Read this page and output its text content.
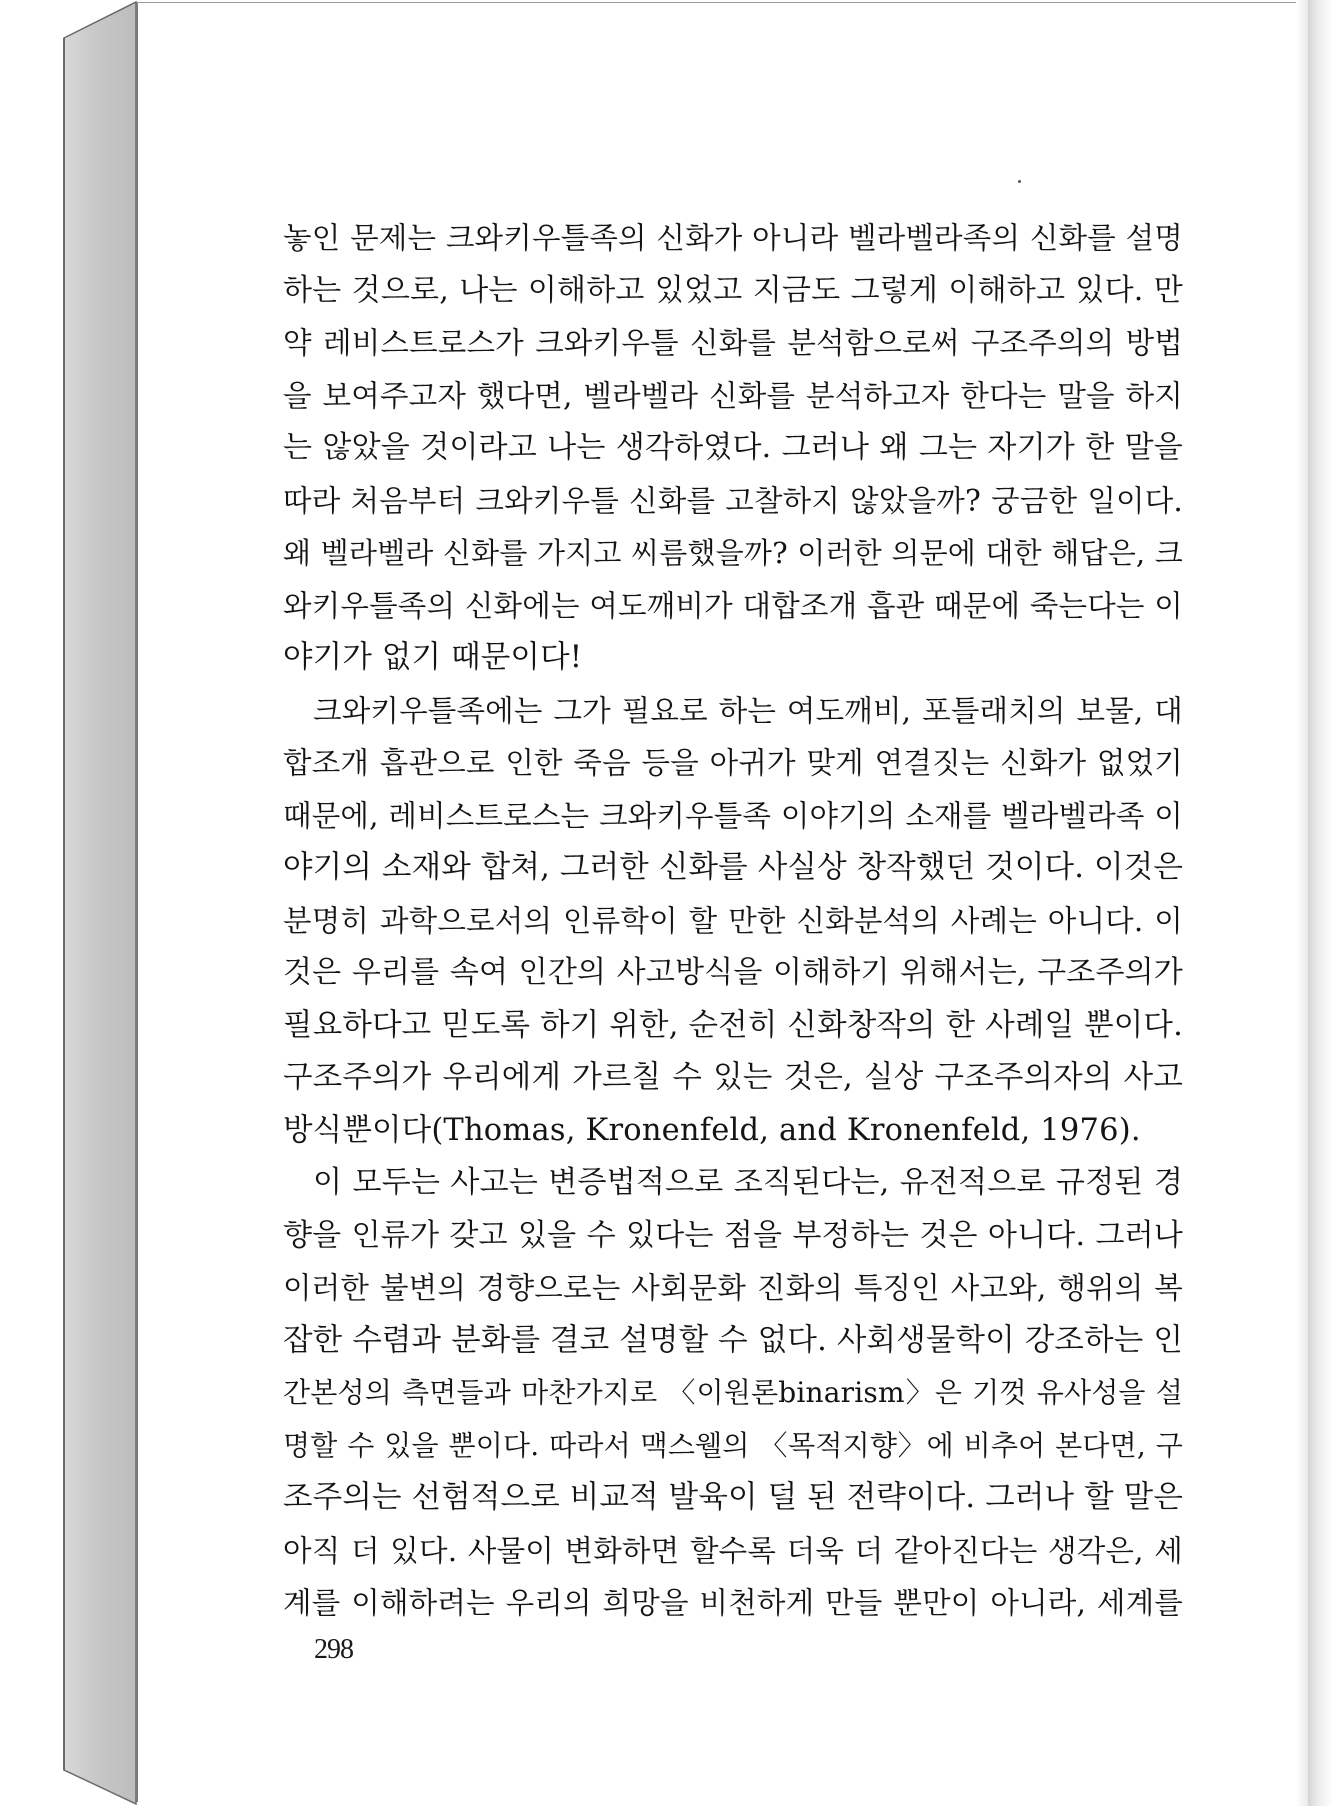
놓인 문제는 크와키우틀족의 신화가 아니라 벨라벨라족의 신화를 설명
하는 것으로, 나는 이해하고 있었고 지금도 그렇게 이해하고 있다. 만
약 레비스트로스가 크와키우틀 신화를 분석함으로써 구조주의의 방법
을 보여주고자 했다면, 벨라벨라 신화를 분석하고자 한다는 말을 하지
는 않았을 것이라고 나는 생각하였다. 그러나 왜 그는 자기가 한 말을
따라 처음부터 크와키우틀 신화를 고찰하지 않았을까? 궁금한 일이다.
왜 벨라벨라 신화를 가지고 씨름했을까? 이러한 의문에 대한 해답은, 크
와키우틀족의 신화에는 여도깨비가 대합조개 흡관 때문에 죽는다는 이
야기가 없기 때문이다!
크와키우틀족에는 그가 필요로 하는 여도깨비, 포틀래치의 보물, 대
합조개 흡관으로 인한 죽음 등을 아귀가 맞게 연결짓는 신화가 없었기
때문에, 레비스트로스는 크와키우틀족 이야기의 소재를 벨라벨라족 이
야기의 소재와 합쳐, 그러한 신화를 사실상 창작했던 것이다. 이것은
분명히 과학으로서의 인류학이 할 만한 신화분석의 사례는 아니다. 이
것은 우리를 속여 인간의 사고방식을 이해하기 위해서는, 구조주의가
필요하다고 믿도록 하기 위한, 순전히 신화창작의 한 사례일 뿐이다.
구조주의가 우리에게 가르칠 수 있는 것은, 실상 구조주의자의 사고
방식뿐이다(Thomas, Kronenfeld, and Kronenfeld, 1976).
이 모두는 사고는 변증법적으로 조직된다는, 유전적으로 규정된 경
향을 인류가 갖고 있을 수 있다는 점을 부정하는 것은 아니다. 그러나
이러한 불변의 경향으로는 사회문화 진화의 특징인 사고와, 행위의 복
잡한 수렴과 분화를 결코 설명할 수 없다. 사회생물학이 강조하는 인
간본성의 측면들과 마찬가지로 〈이원론binarism〉은 기껏 유사성을 설
명할 수 있을 뿐이다. 따라서 맥스웰의 〈목적지향〉에 비추어 본다면, 구
조주의는 선험적으로 비교적 발육이 덜 된 전략이다. 그러나 할 말은
아직 더 있다. 사물이 변화하면 할수록 더욱 더 같아진다는 생각은, 세
계를 이해하려는 우리의 희망을 비천하게 만들 뿐만이 아니라, 세계를
298
